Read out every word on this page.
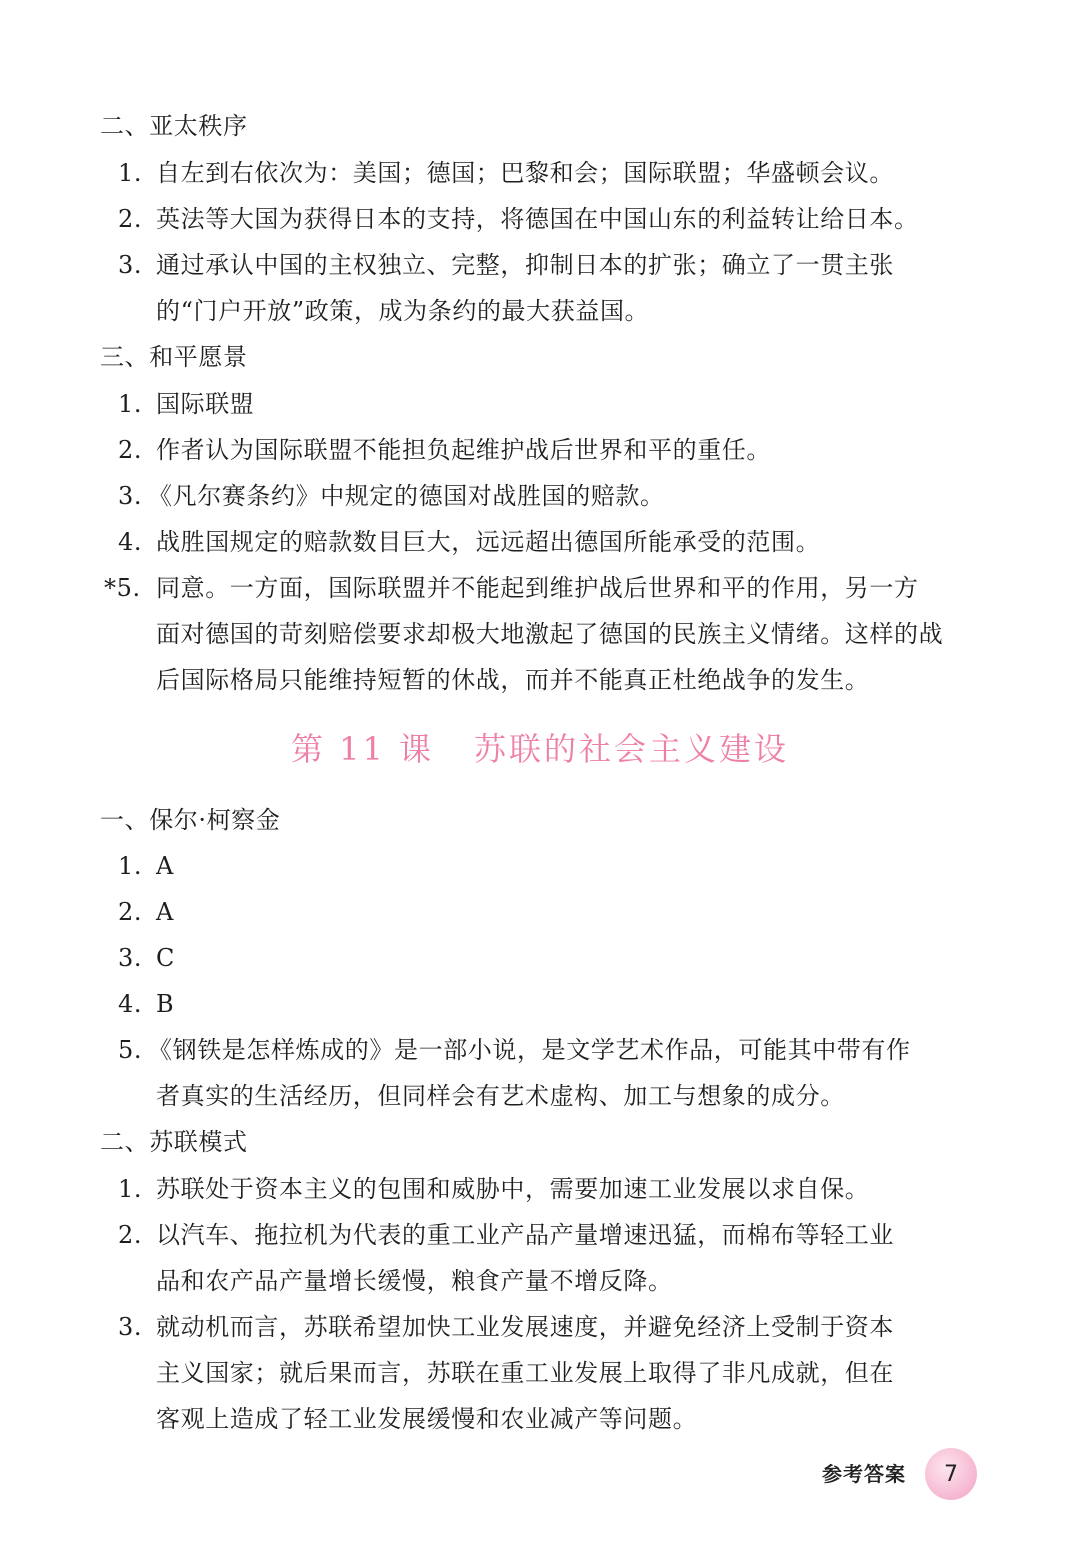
二、亚太秩序
1. 自左到右依次为：美国；德国；巴黎和会；国际联盟；华盛顿会议。
2. 英法等大国为获得日本的支持，将德国在中国山东的利益转让给日本。
3. 通过承认中国的主权独立、完整，抑制日本的扩张；确立了一贯主张
的“门户开放”政策，成为条约的最大获益国。
三、和平愿景
1. 国际联盟
2. 作者认为国际联盟不能担负起维护战后世界和平的重任。
3. 《凡尔赛条约》中规定的德国对战胜国的赔款。
4. 战胜国规定的赔款数目巨大，远远超出德国所能承受的范围。
*5. 同意。一方面，国际联盟并不能起到维护战后世界和平的作用，另一方
面对德国的苛刻赔偿要求却极大地激起了德国的民族主义情绪。这样的战
后国际格局只能维持短暂的休战，而并不能真正杜绝战争的发生。
第 11 课 苏联的社会主义建设
一、保尔·柯察金
1. A
2. A
3. C
4. B
5. 《钢铁是怎样炼成的》是一部小说，是文学艺术作品，可能其中带有作
者真实的生活经历，但同样会有艺术虚构、加工与想象的成分。
二、苏联模式
1. 苏联处于资本主义的包围和威胁中，需要加速工业发展以求自保。
2. 以汽车、拖拉机为代表的重工业产品产量增速迅猛，而棉布等轻工业
品和农产品产量增长缓慢，粮食产量不增反降。
3. 就动机而言，苏联希望加快工业发展速度，并避免经济上受制于资本
主义国家；就后果而言，苏联在重工业发展上取得了非凡成就，但在
客观上造成了轻工业发展缓慢和农业减产等问题。
参考答案 7
